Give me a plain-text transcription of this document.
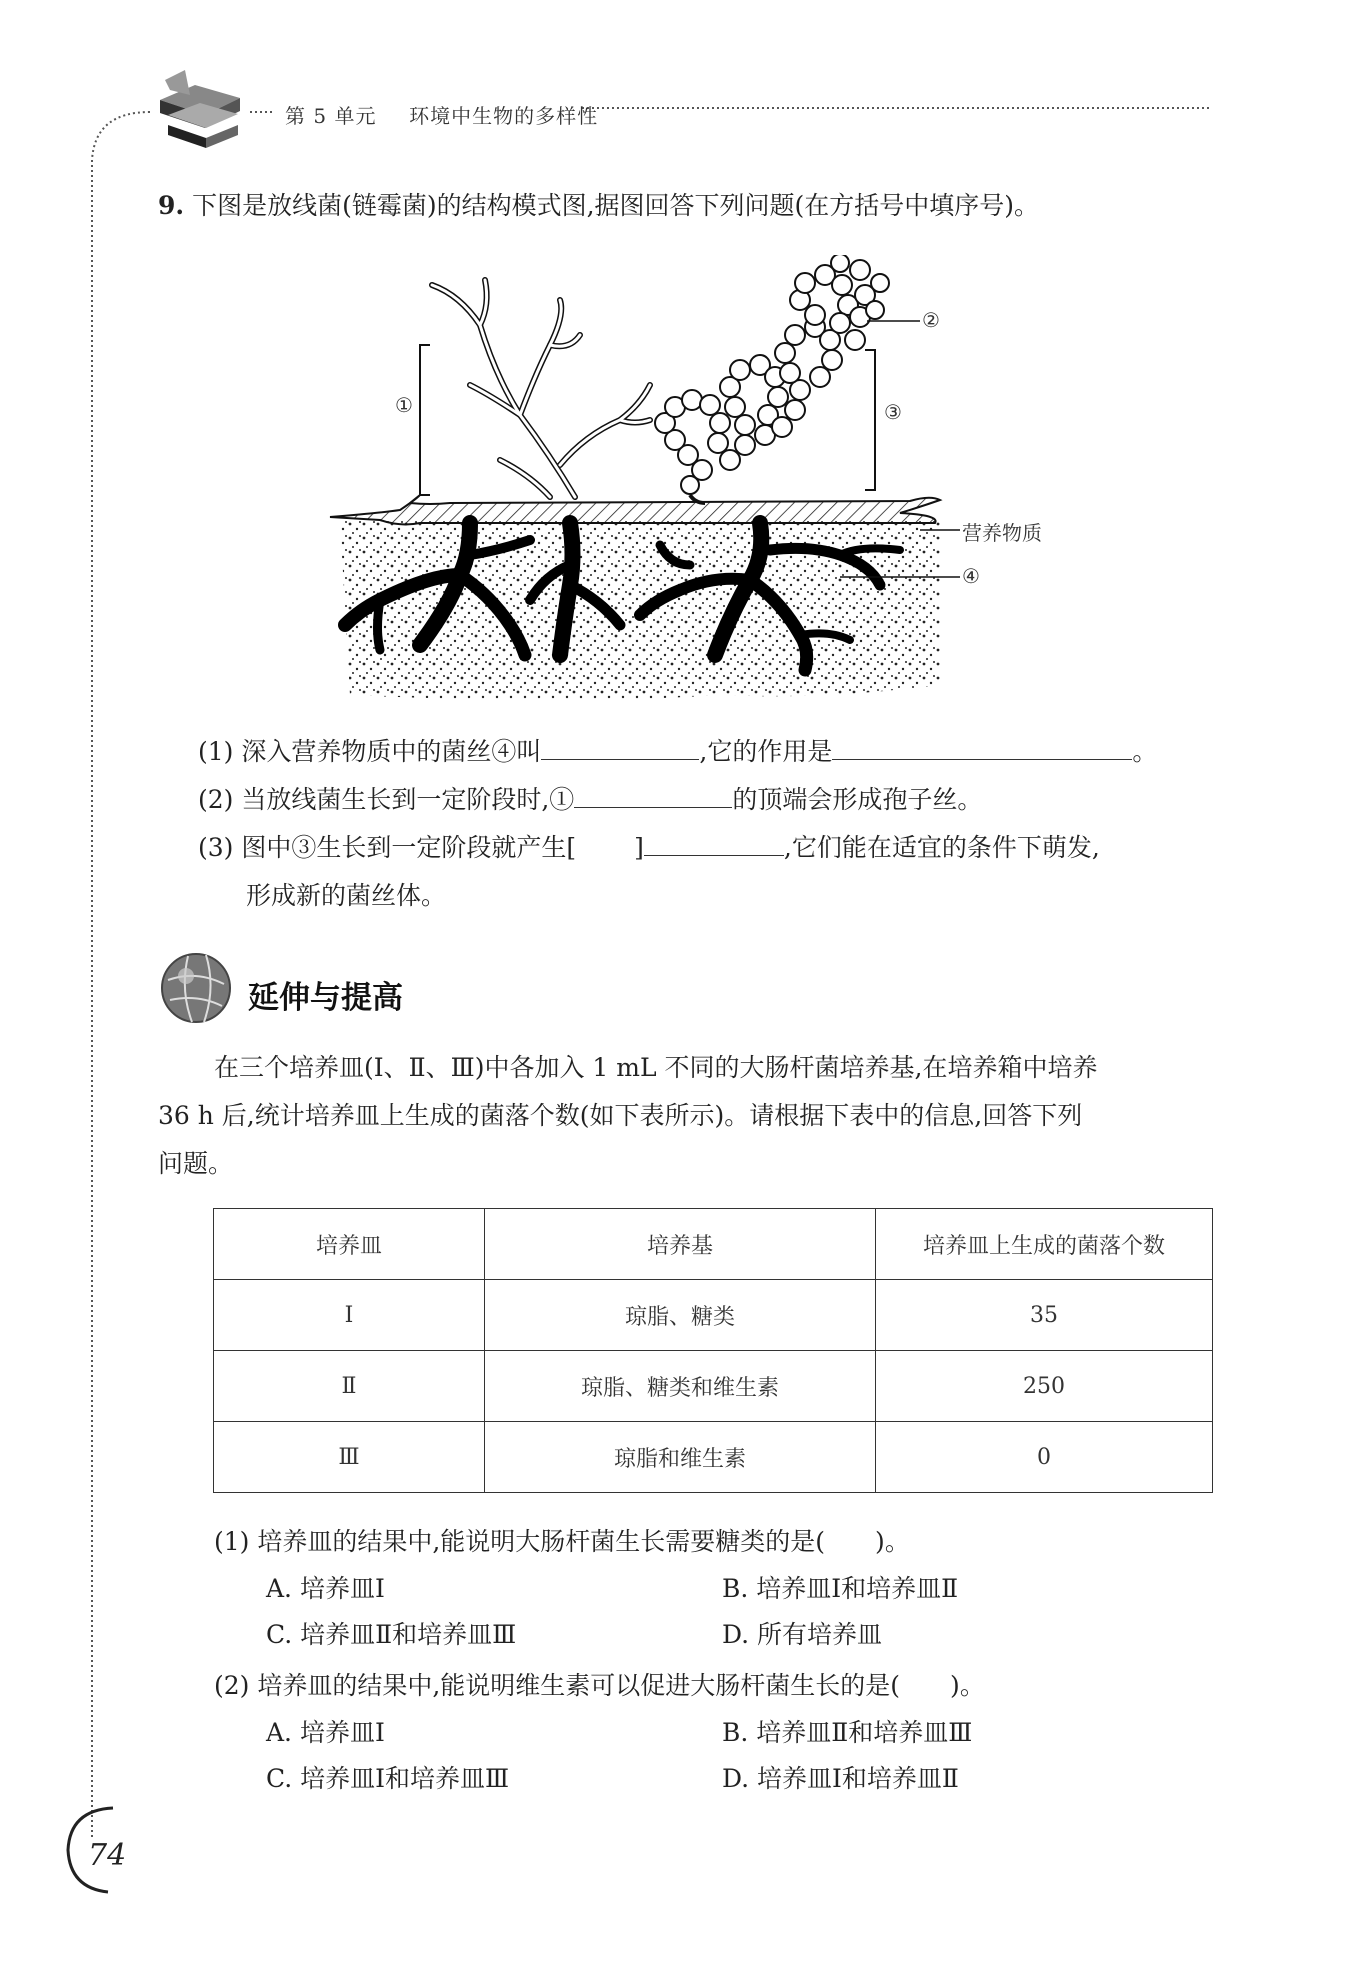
第 5 单元 环境中生物的多样性
9. 下图是放线菌(链霉菌)的结构模式图,据图回答下列问题(在方括号中填序号)。
①
②
③
营养物质
④
(1) 深入营养物质中的菌丝④叫	,它的作用是	。
(2) 当放线菌生长到一定阶段时,①	的顶端会形成孢子丝。
(3) 图中③生长到一定阶段就产生[ ]	,它们能在适宜的条件下萌发,
形成新的菌丝体。
延伸与提高
在三个培养皿(Ⅰ、Ⅱ、Ⅲ)中各加入 1 mL 不同的大肠杆菌培养基,在培养箱中培养
36 h 后,统计培养皿上生成的菌落个数(如下表所示)。请根据下表中的信息,回答下列
问题。
培养皿	培养基	培养皿上生成的菌落个数
Ⅰ	琼脂、糖类	35
Ⅱ	琼脂、糖类和维生素	250
Ⅲ	琼脂和维生素	0
(1) 培养皿的结果中,能说明大肠杆菌生长需要糖类的是(　　)。
A. 培养皿Ⅰ	B. 培养皿Ⅰ和培养皿Ⅱ
C. 培养皿Ⅱ和培养皿Ⅲ	D. 所有培养皿
(2) 培养皿的结果中,能说明维生素可以促进大肠杆菌生长的是(　　)。
A. 培养皿Ⅰ	B. 培养皿Ⅱ和培养皿Ⅲ
C. 培养皿Ⅰ和培养皿Ⅲ	D. 培养皿Ⅰ和培养皿Ⅱ
74
